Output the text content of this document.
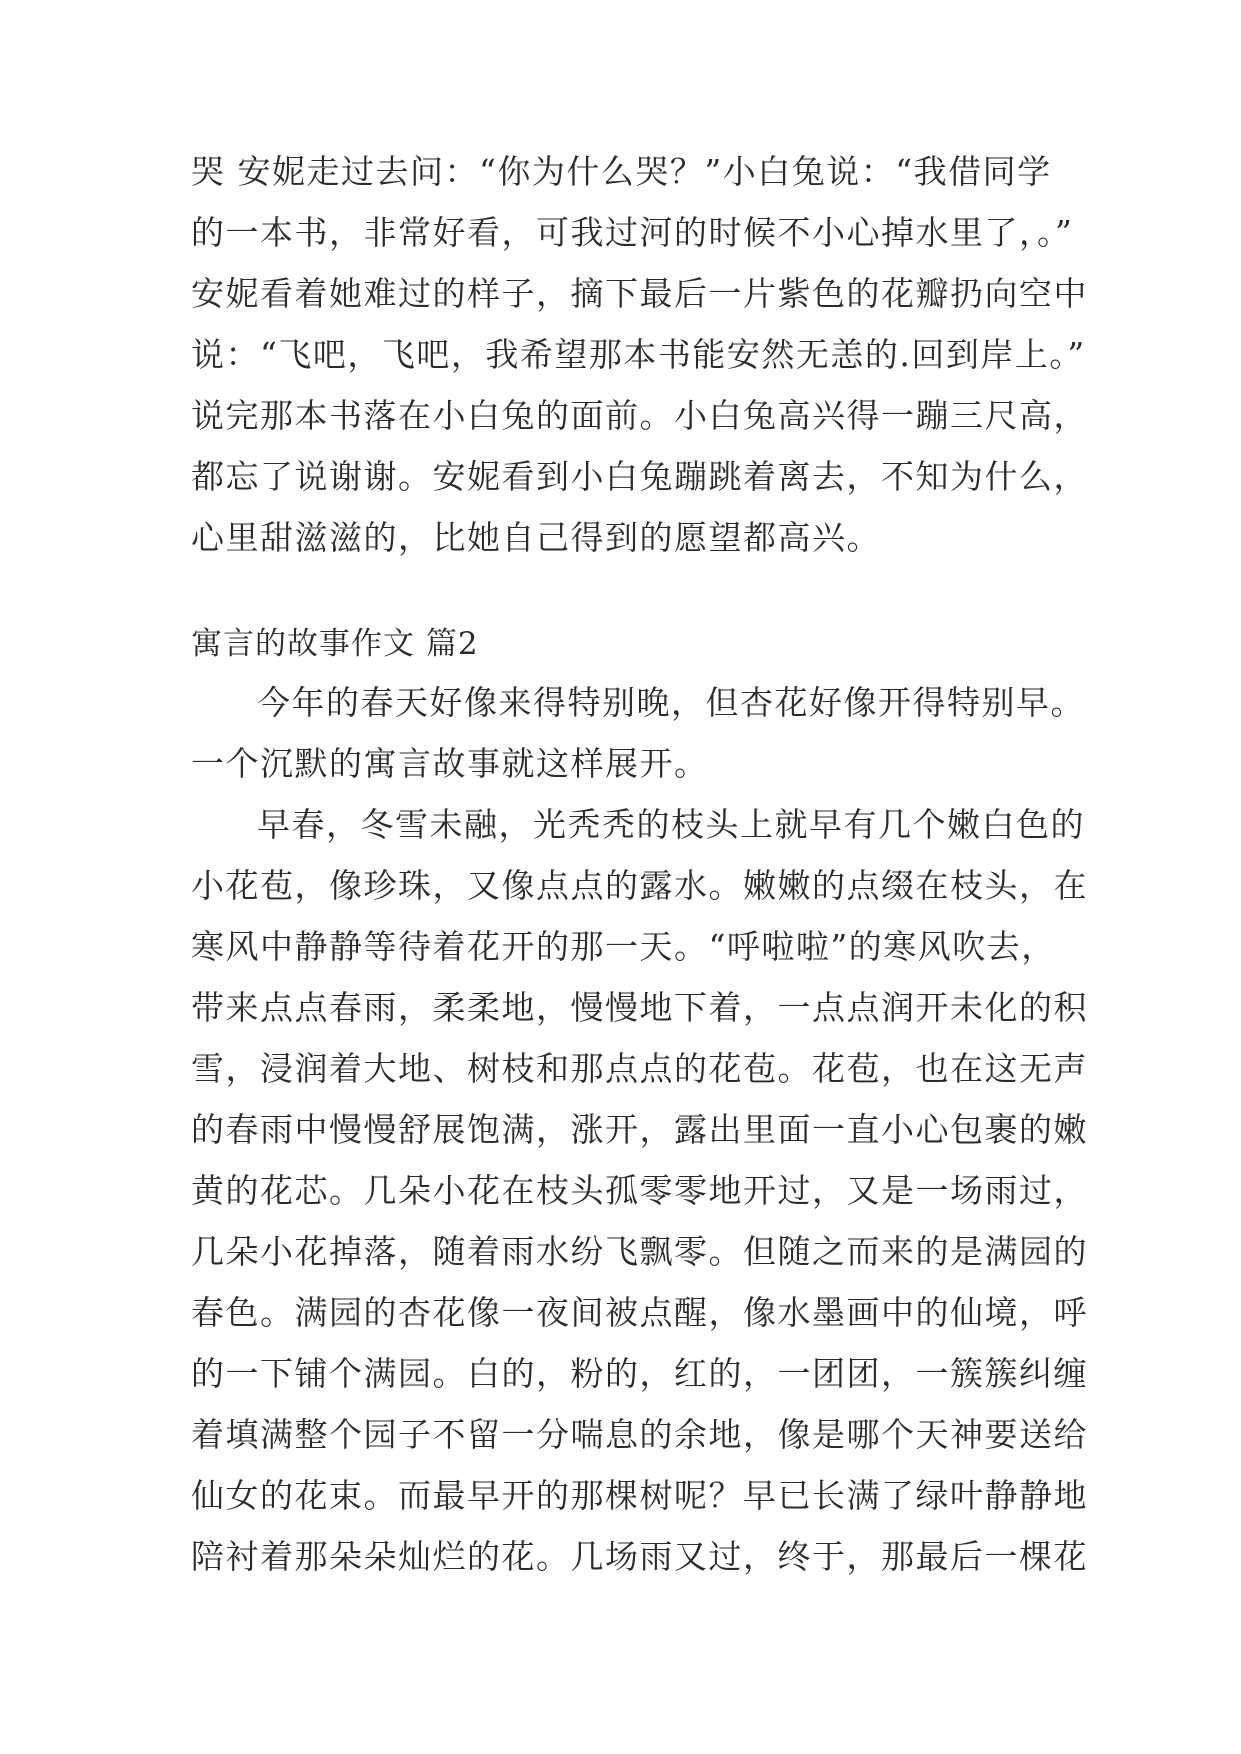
哭 安妮走过去问：“你为什么哭？”小白兔说：“我借同学
的一本书，非常好看，可我过河的时候不小心掉水里了，。”
安妮看着她难过的样子，摘下最后一片紫色的花瓣扔向空中
说：“飞吧，飞吧，我希望那本书能安然无恙的.回到岸上。”
说完那本书落在小白兔的面前。小白兔高兴得一蹦三尺高，
都忘了说谢谢。安妮看到小白兔蹦跳着离去，不知为什么，
心里甜滋滋的，比她自己得到的愿望都高兴。
寓言的故事作文 篇2
今年的春天好像来得特别晚，但杏花好像开得特别早。
一个沉默的寓言故事就这样展开。
早春，冬雪未融，光秃秃的枝头上就早有几个嫩白色的
小花苞，像珍珠，又像点点的露水。嫩嫩的点缀在枝头，在
寒风中静静等待着花开的那一天。“呼啦啦”的寒风吹去，
带来点点春雨，柔柔地，慢慢地下着，一点点润开未化的积
雪，浸润着大地、树枝和那点点的花苞。花苞，也在这无声
的春雨中慢慢舒展饱满，涨开，露出里面一直小心包裹的嫩
黄的花芯。几朵小花在枝头孤零零地开过，又是一场雨过，
几朵小花掉落，随着雨水纷飞飘零。但随之而来的是满园的
春色。满园的杏花像一夜间被点醒，像水墨画中的仙境，呼
的一下铺个满园。白的，粉的，红的，一团团，一簇簇纠缠
着填满整个园子不留一分喘息的余地，像是哪个天神要送给
仙女的花束。而最早开的那棵树呢？早已长满了绿叶静静地
陪衬着那朵朵灿烂的花。几场雨又过，终于，那最后一棵花
